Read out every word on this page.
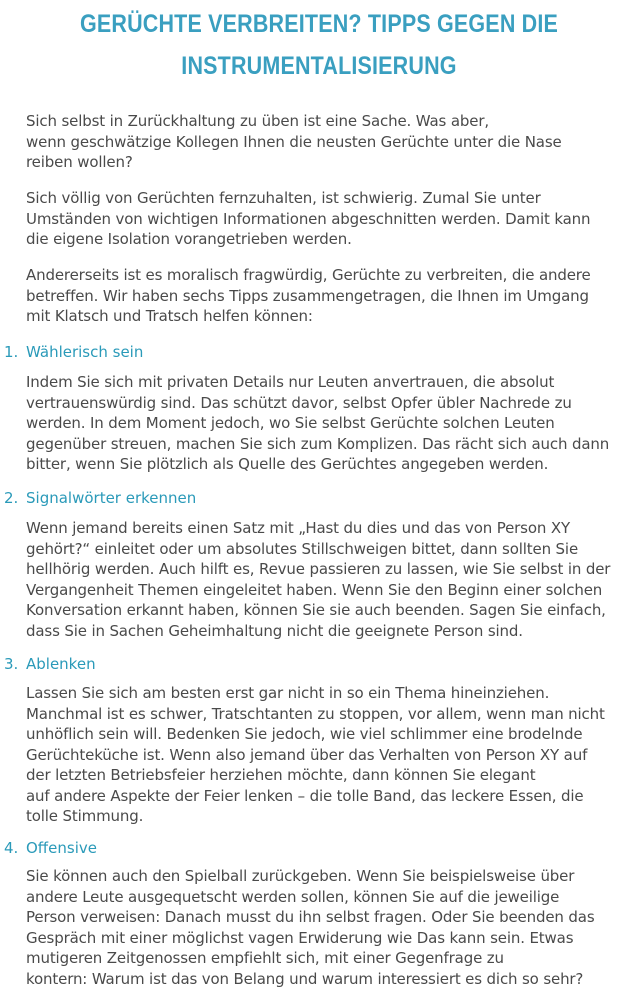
GERÜCHTE VERBREITEN? TIPPS GEGEN DIE
INSTRUMENTALISIERUNG

Sich selbst in Zurückhaltung zu üben ist eine Sache. Was aber,
wenn geschwätzige Kollegen Ihnen die neusten Gerüchte unter die Nase
reiben wollen?

Sich völlig von Gerüchten fernzuhalten, ist schwierig. Zumal Sie unter
Umständen von wichtigen Informationen abgeschnitten werden. Damit kann
die eigene Isolation vorangetrieben werden.

Andererseits ist es moralisch fragwürdig, Gerüchte zu verbreiten, die andere
betreffen. Wir haben sechs Tipps zusammengetragen, die Ihnen im Umgang
mit Klatsch und Tratsch helfen können:

1. Wählerisch sein

Indem Sie sich mit privaten Details nur Leuten anvertrauen, die absolut
vertrauenswürdig sind. Das schützt davor, selbst Opfer übler Nachrede zu
werden. In dem Moment jedoch, wo Sie selbst Gerüchte solchen Leuten
gegenüber streuen, machen Sie sich zum Komplizen. Das rächt sich auch dann
bitter, wenn Sie plötzlich als Quelle des Gerüchtes angegeben werden.

2. Signalwörter erkennen

Wenn jemand bereits einen Satz mit „Hast du dies und das von Person XY
gehört?“ einleitet oder um absolutes Stillschweigen bittet, dann sollten Sie
hellhörig werden. Auch hilft es, Revue passieren zu lassen, wie Sie selbst in der
Vergangenheit Themen eingeleitet haben. Wenn Sie den Beginn einer solchen
Konversation erkannt haben, können Sie sie auch beenden. Sagen Sie einfach,
dass Sie in Sachen Geheimhaltung nicht die geeignete Person sind.

3. Ablenken

Lassen Sie sich am besten erst gar nicht in so ein Thema hineinziehen.
Manchmal ist es schwer, Tratschtanten zu stoppen, vor allem, wenn man nicht
unhöflich sein will. Bedenken Sie jedoch, wie viel schlimmer eine brodelnde
Gerüchteküche ist. Wenn also jemand über das Verhalten von Person XY auf
der letzten Betriebsfeier herziehen möchte, dann können Sie elegant
auf andere Aspekte der Feier lenken – die tolle Band, das leckere Essen, die
tolle Stimmung.

4. Offensive

Sie können auch den Spielball zurückgeben. Wenn Sie beispielsweise über
andere Leute ausgequetscht werden sollen, können Sie auf die jeweilige
Person verweisen: Danach musst du ihn selbst fragen. Oder Sie beenden das
Gespräch mit einer möglichst vagen Erwiderung wie Das kann sein. Etwas
mutigeren Zeitgenossen empfiehlt sich, mit einer Gegenfrage zu
kontern: Warum ist das von Belang und warum interessiert es dich so sehr?
